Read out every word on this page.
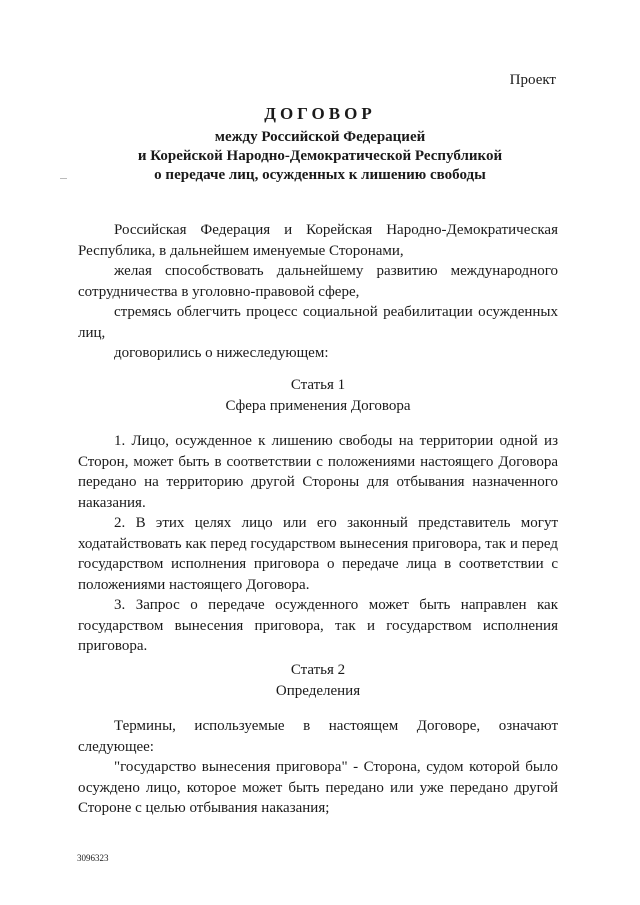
Проект
ДОГОВОР
между Российской Федерацией
и Корейской Народно-Демократической Республикой
о передаче лиц, осужденных к лишению свободы

Российская Федерация и Корейская Народно-Демократическая Республика, в дальнейшем именуемые Сторонами,

желая способствовать дальнейшему развитию международного сотрудничества в уголовно-правовой сфере,

стремясь облегчить процесс социальной реабилитации осужденных лиц,

договорились о нижеследующем:

Статья 1
Сфера применения Договора

1. Лицо, осужденное к лишению свободы на территории одной из Сторон, может быть в соответствии с положениями настоящего Договора передано на территорию другой Стороны для отбывания назначенного наказания.

2. В этих целях лицо или его законный представитель могут ходатайствовать как перед государством вынесения приговора, так и перед государством исполнения приговора о передаче лица в соответствии с положениями настоящего Договора.

3. Запрос о передаче осужденного может быть направлен как государством вынесения приговора, так и государством исполнения приговора.

Статья 2
Определения

Термины, используемые в настоящем Договоре, означают следующее:

"государство вынесения приговора" - Сторона, судом которой было осуждено лицо, которое может быть передано или уже передано другой Стороне с целью отбывания наказания;

3096323
